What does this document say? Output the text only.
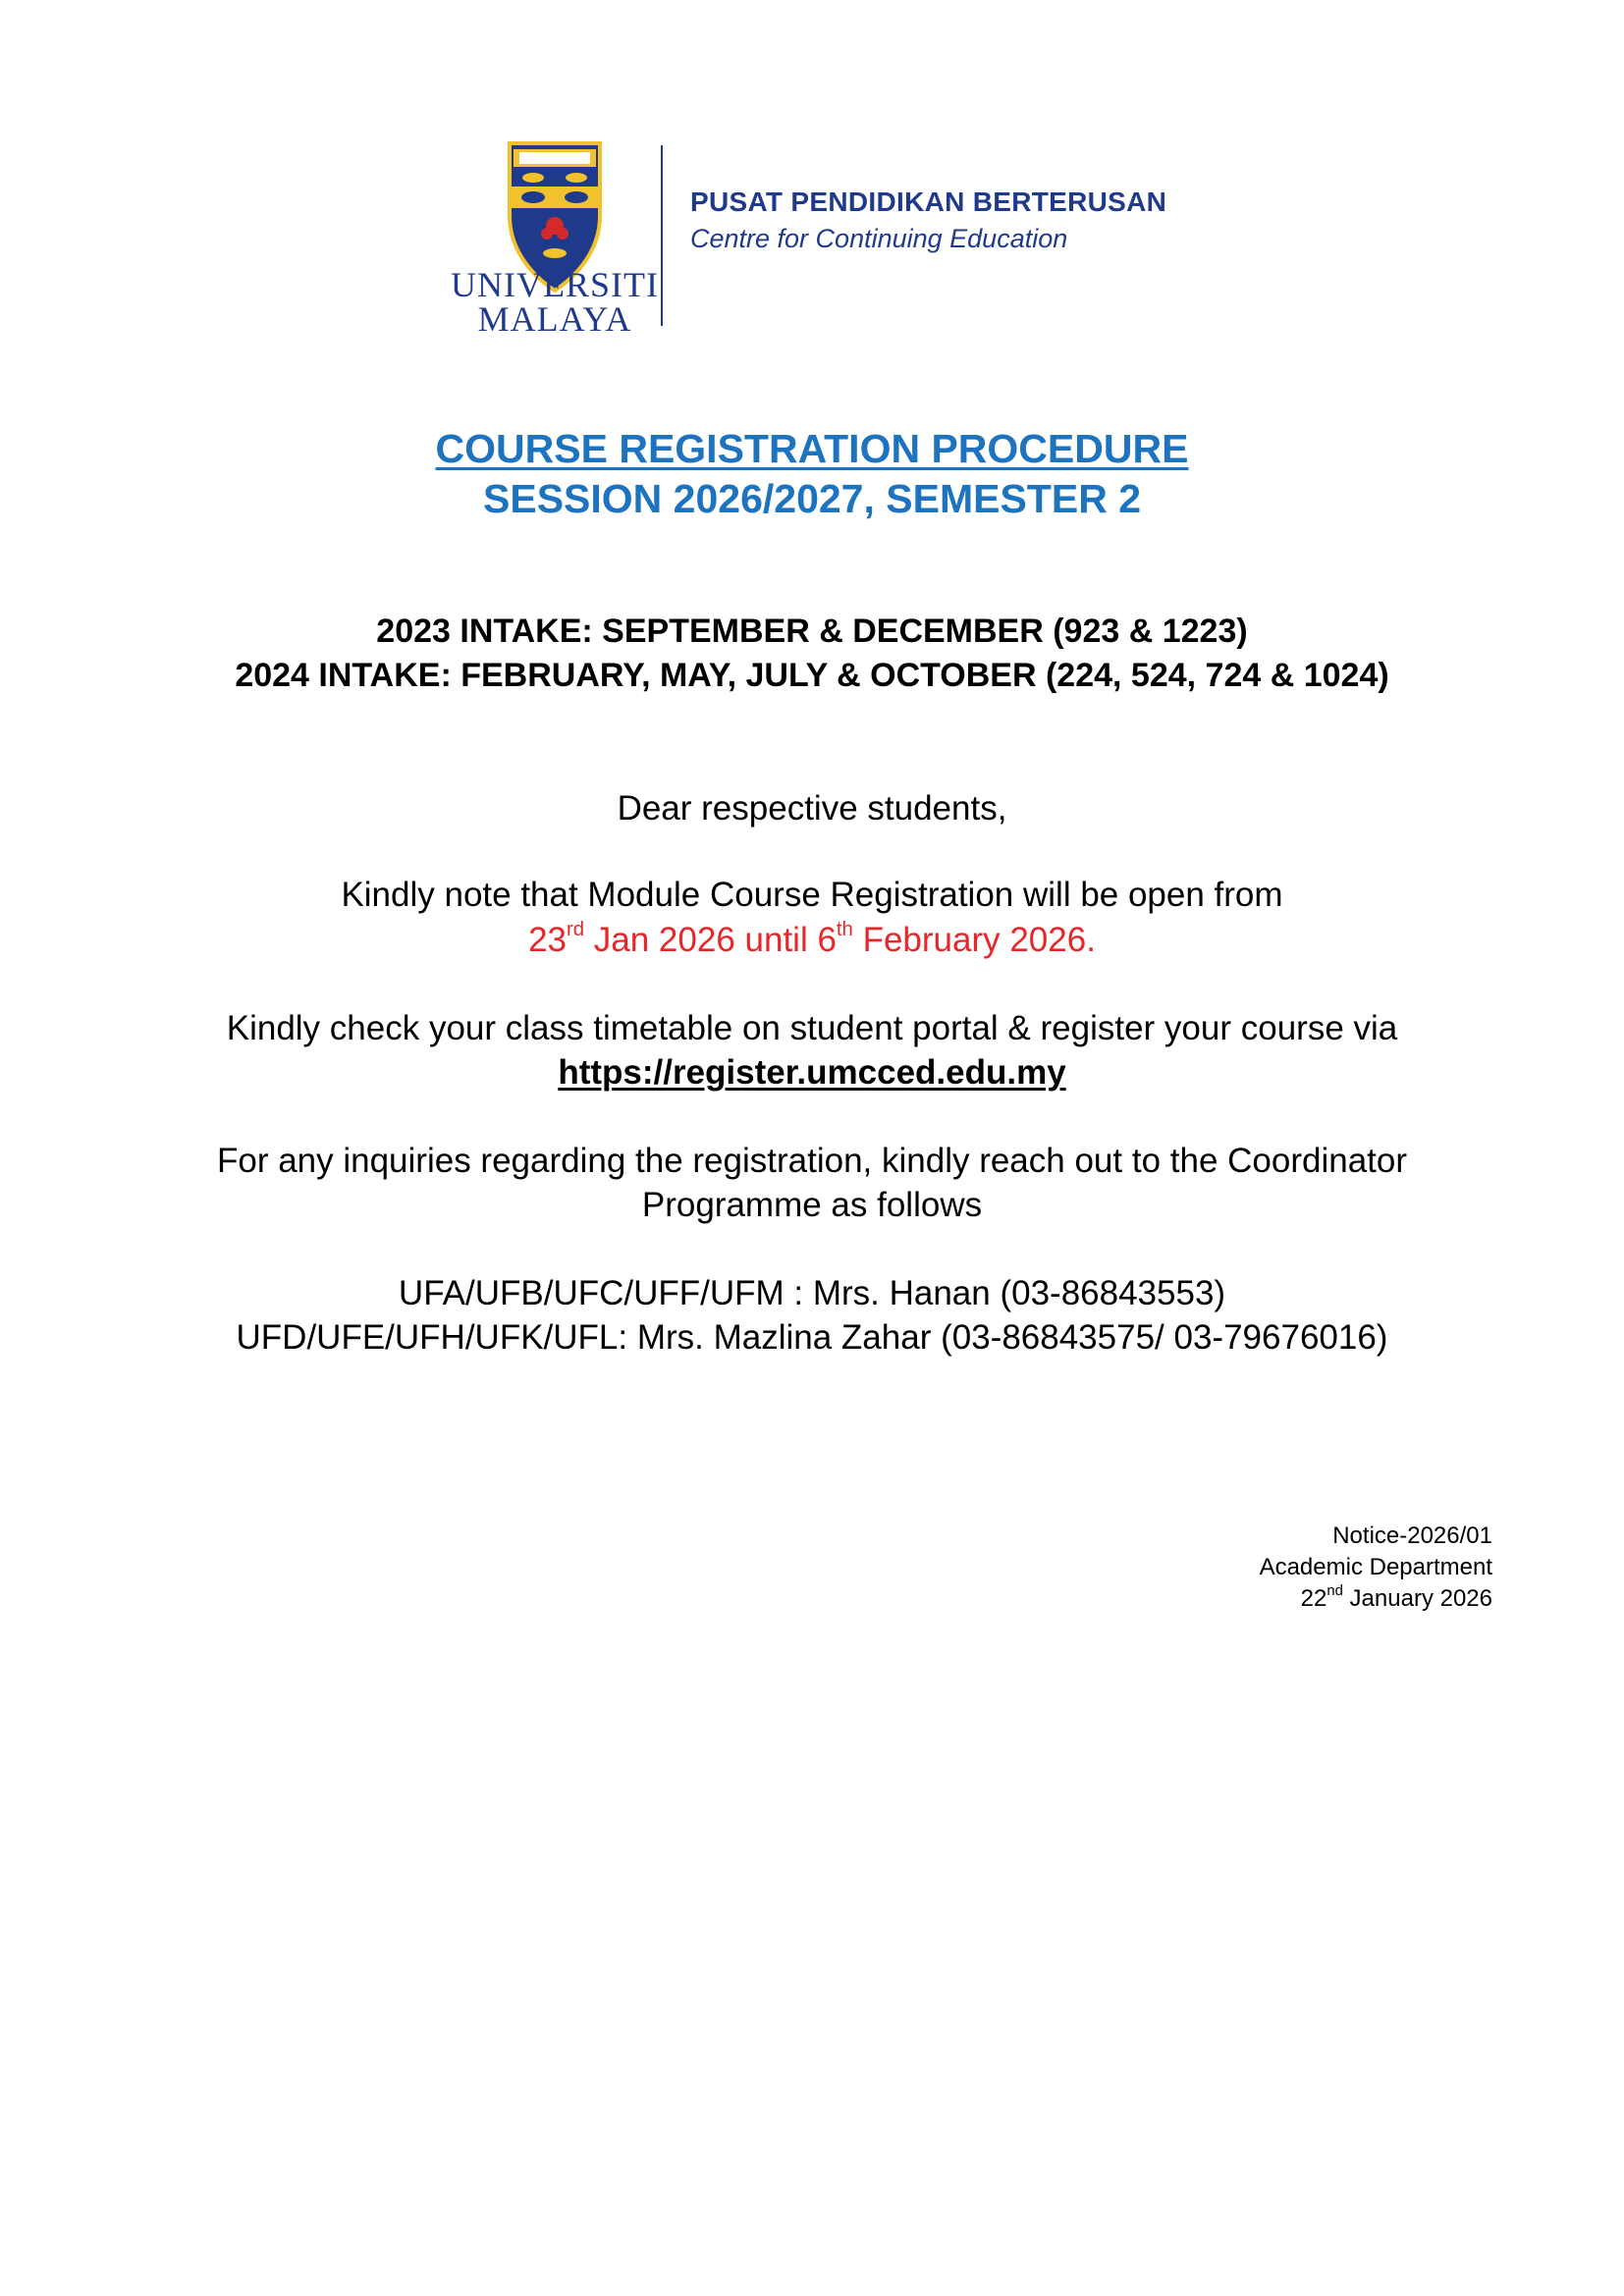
UNIVERSITI
MALAYA
PUSAT PENDIDIKAN BERTERUSAN
Centre for Continuing Education
COURSE REGISTRATION PROCEDURE
SESSION 2026/2027, SEMESTER 2
2023 INTAKE: SEPTEMBER & DECEMBER (923 & 1223)
2024 INTAKE: FEBRUARY, MAY, JULY & OCTOBER (224, 524, 724 & 1024)
Dear respective students,
Kindly note that Module Course Registration will be open from
23rd Jan 2026 until 6th February 2026.
Kindly check your class timetable on student portal & register your course via
https://register.umcced.edu.my
For any inquiries regarding the registration, kindly reach out to the Coordinator
Programme as follows
UFA/UFB/UFC/UFF/UFM : Mrs. Hanan (03-86843553)
UFD/UFE/UFH/UFK/UFL: Mrs. Mazlina Zahar (03-86843575/ 03-79676016)
Notice-2026/01
Academic Department
22nd January 2026
